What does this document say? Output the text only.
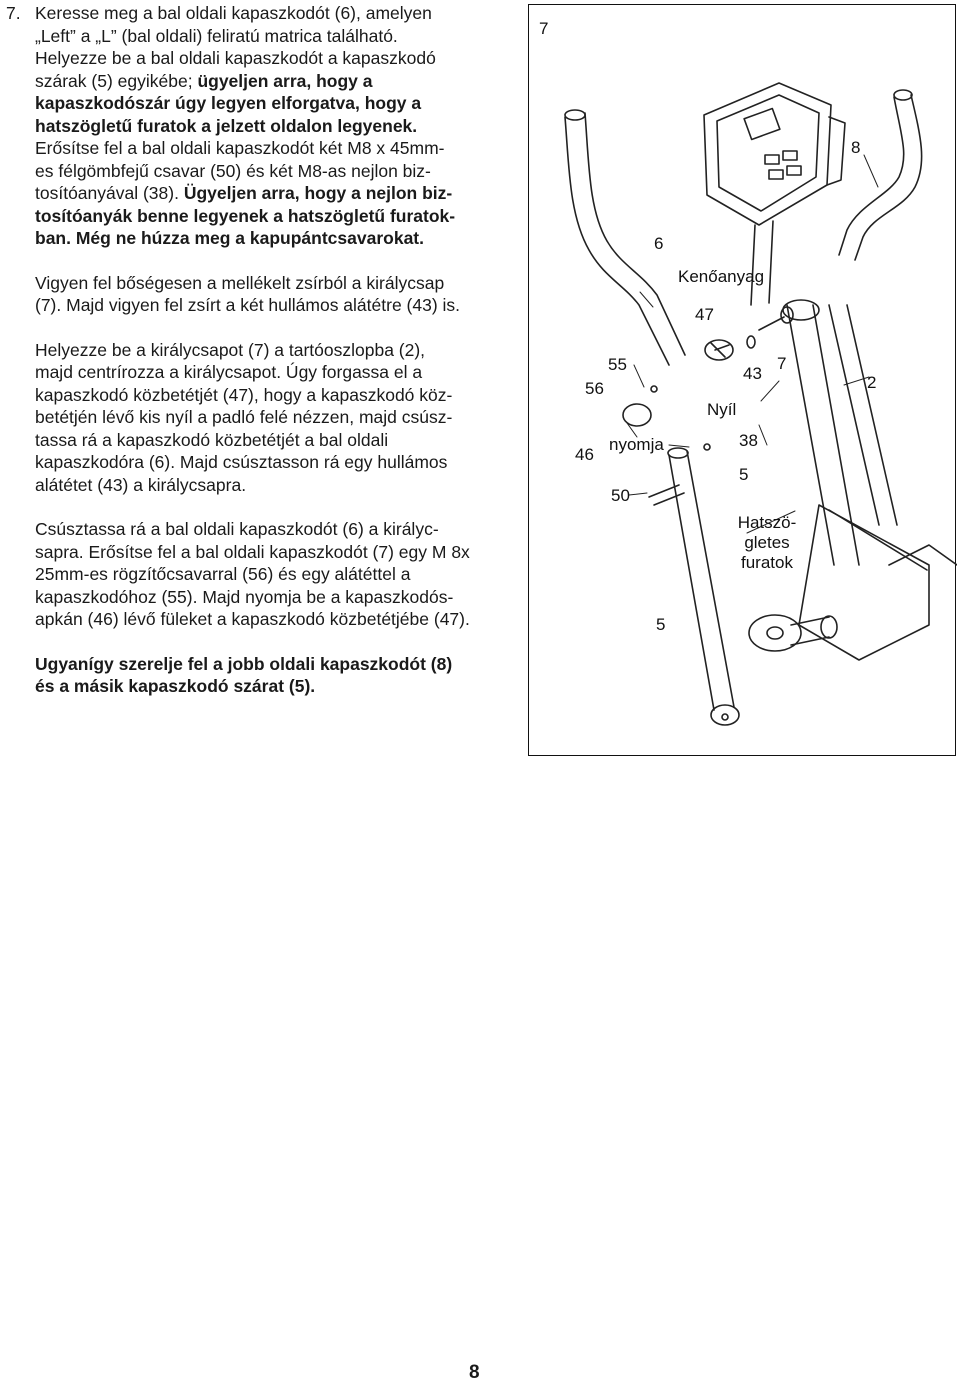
7. Keresse meg a bal oldali kapaszkodót (6), amelyen
„Left” a „L” (bal oldali) feliratú matrica található.
Helyezze be a bal oldali kapaszkodót a kapaszkodó
szárak (5) egyikébe; ügyeljen arra, hogy a
kapaszkodószár úgy legyen elforgatva, hogy a
hatszögletű furatok a jelzett oldalon legyenek.
Erősítse fel a bal oldali kapaszkodót két M8 x 45mm-
es félgömbfejű csavar (50) és két M8-as nejlon biz-
tosítóanyával (38). Ügyeljen arra, hogy a nejlon biz-
tosítóanyák benne legyenek a hatszögletű furatok-
ban. Még ne húzza meg a kapupántcsavarokat.

Vigyen fel bőségesen a mellékelt zsírból a királycsap
(7). Majd vigyen fel zsírt a két hullámos alátétre (43) is.

Helyezze be a királycsapot (7) a tartóoszlopba (2),
majd centrírozza a királycsapot. Úgy forgassa el a
kapaszkodó közbetétjét (47), hogy a kapaszkodó köz-
betétjén lévő kis nyíl a padló felé nézzen, majd csúsz-
tassa rá a kapaszkodó közbetétjét a bal oldali
kapaszkodóra (6). Majd csúsztasson rá egy hullámos
alátétet (43) a királycsapra.

Csúsztassa rá a bal oldali kapaszkodót (6) a királyc-
sapra. Erősítse fel a bal oldali kapaszkodót (7) egy M 8x
25mm-es rögzítőcsavarral (56) és egy alátéttel a
kapaszkodóhoz (55). Majd nyomja be a kapaszkodós-
apkán (46) lévő füleket a kapaszkodó közbetétjébe (47).

Ugyanígy szerelje fel a jobb oldali kapaszkodót (8)
és a másik kapaszkodó szárat (5).

7
8
6
Kenőanyag
47
55
56
43
7
2
Nyíl
46
nyomja	38
5
50
Hatszö-
gletes
furatok
5
8
